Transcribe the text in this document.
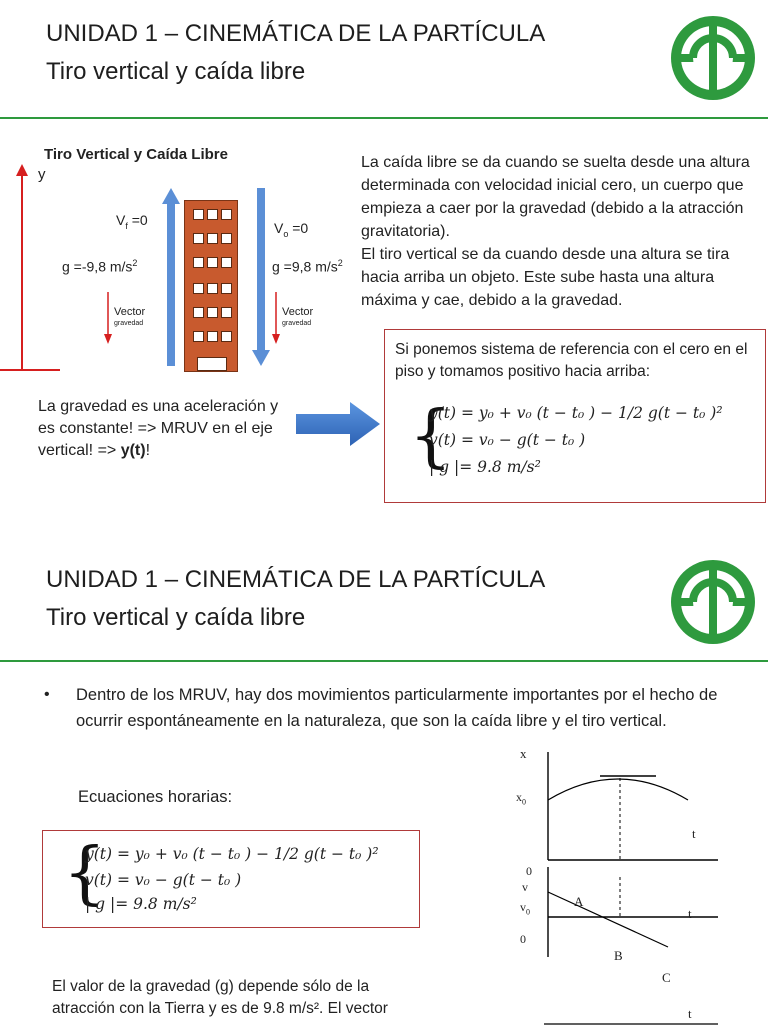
UNIDAD 1 – CINEMÁTICA DE LA PARTÍCULA
Tiro vertical y caída libre
Tiro Vertical y Caída Libre
y
$V_f =0$
g =-9,8 $m/s^2$
Vector
gravedad
$V_o =0$
g =9,8 $m/s^2$
Vector
gravedad
La caída libre se da cuando se suelta desde una altura determinada con velocidad inicial cero, un cuerpo que empieza a caer por la gravedad (debido a la atracción gravitatoria).
El tiro vertical se da cuando desde una altura se tira hacia arriba un objeto. Este sube hasta una altura máxima y cae, debido a la gravedad.
La gravedad es una aceleración y es constante! => MRUV en el eje vertical! => y(t)!
Si ponemos sistema de referencia con el cero en el piso y tomamos positivo hacia arriba:
{
y(t) = y₀ + v₀ (t − t₀ ) − 1/2 g(t − t₀ )²
v(t) = v₀ − g(t − t₀ )
| g |= 9.8 m/s²
UNIDAD 1 – CINEMÁTICA DE LA PARTÍCULA
Tiro vertical y caída libre
• Dentro de los MRUV, hay dos movimientos particularmente importantes por el hecho de ocurrir espontáneamente en la naturaleza, que son la caída libre y el tiro vertical.
Ecuaciones horarias:
{
y(t) = y₀ + v₀ (t − t₀ ) − 1/2 g(t − t₀ )²
v(t) = v₀ − g(t − t₀ )
| g |= 9.8 m/s²
El valor de la gravedad (g) depende sólo de la atracción con la Tierra y es de 9.8 m/s². El vector
x
$x_0$
t
0
v
$v_0$
A
t
0
B
C
t
